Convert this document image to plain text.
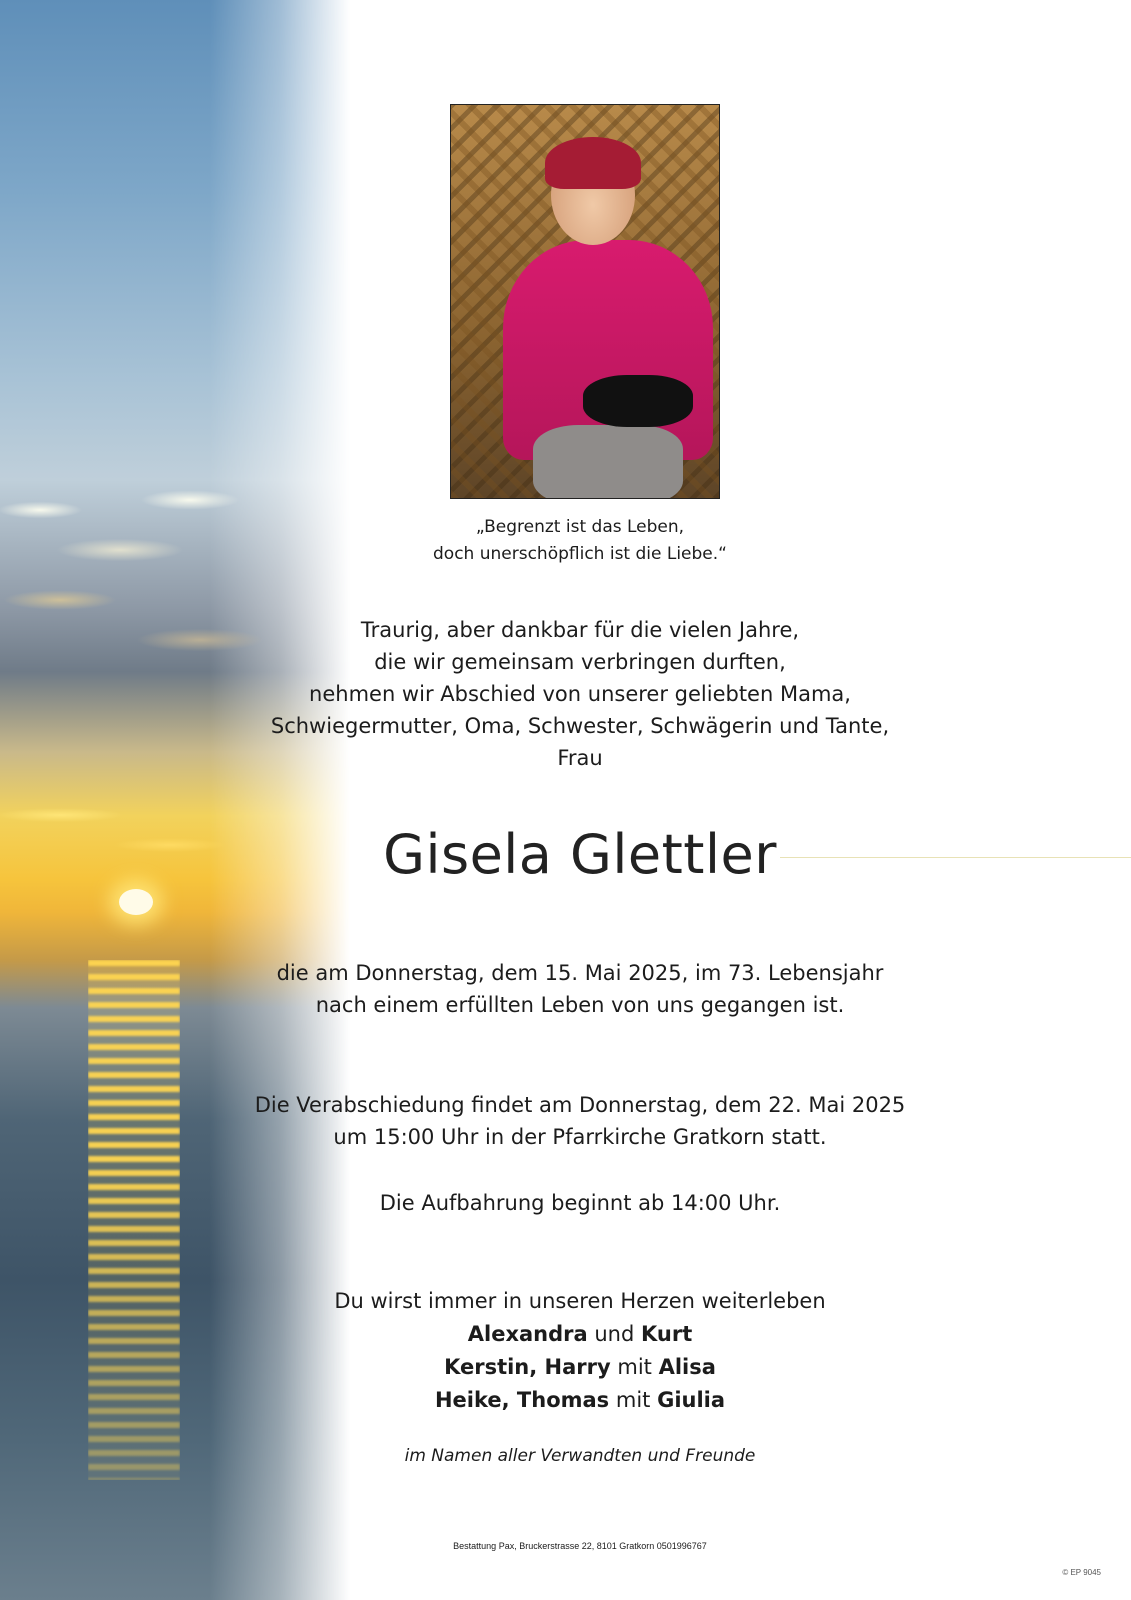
„Begrenzt ist das Leben,
doch unerschöpflich ist die Liebe.“
Traurig, aber dankbar für die vielen Jahre,
die wir gemeinsam verbringen durften,
nehmen wir Abschied von unserer geliebten Mama,
Schwiegermutter, Oma, Schwester, Schwägerin und Tante,
Frau
Gisela Glettler
die am Donnerstag, dem 15. Mai 2025, im 73. Lebensjahr
nach einem erfüllten Leben von uns gegangen ist.
Die Verabschiedung findet am Donnerstag, dem 22. Mai 2025
um 15:00 Uhr in der Pfarrkirche Gratkorn statt.
Die Aufbahrung beginnt ab 14:00 Uhr.
Du wirst immer in unseren Herzen weiterleben
Alexandra und Kurt
Kerstin, Harry mit Alisa
Heike, Thomas mit Giulia
im Namen aller Verwandten und Freunde
Bestattung Pax, Bruckerstrasse 22, 8101 Gratkorn 0501996767
© EP 9045
